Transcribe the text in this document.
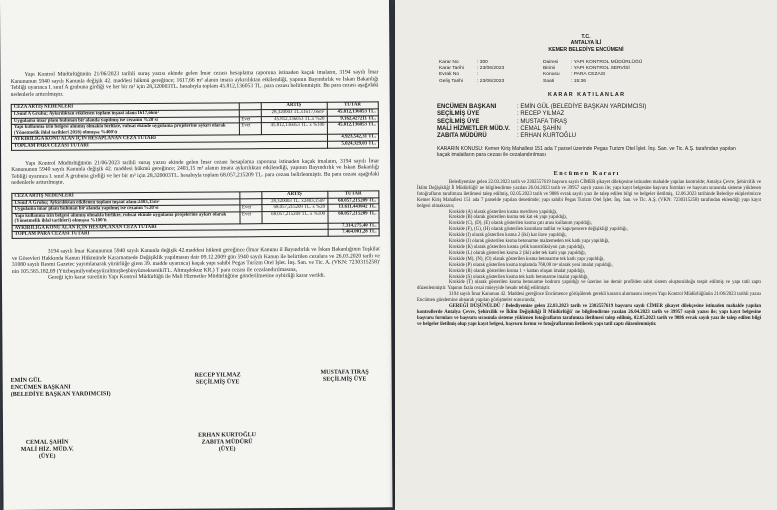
Yapı Kontrol Müdürlüğünün 21/06/2023 tarihli suruş yazısı ekinde gelen İmar cezası hesaplama raporuna istinaden kaçak imalatın, 3194 sayılı İmar Kanununun 5940 sayılı Kanunla değişik 42. maddesi hükmü gereğince; 1617,66 m² alanın imara aykırılıktan etkilendiği, yapının Bayındırlık ve İskan Bakanlığı Tebliği uyarınca I. sınıf A grubuna girdiği ve her bir m² için 28,320003TL. hesabıyla toplam 45.812,136053 TL. para cezası belirlenmiştir. Bu para cezası aşağıdaki nedenlerle arttırılmıştır.

CEZA ARTIŞ NEDENLERİ		ARTIŞ	TUTAR
I.Sınıf A Grubu; Aykırılıktan etkilenen toplam inşaat alanı:1617,66m²		28,320003 TL.x1617,66m²	45.812,136053 TL.
Uygulama imar planı bulunan bir alanda yapılmış ise cezanın %20'si	Evet	45.812,136053 TL.x %20	9.162,427211 TL.
Yapı kullanma izin belgesi alınmış olmakla birlikte, ruhsat ekinde uygulama projelerine aykırı olarak (Yönetmelik ihlal tarihleri 2018) olmuşsa %400'ü	Evet	45.812,136053 TL. x %100	45.812,136053 TL.
AYKIRILIĞA KONU ALAN İÇİN HESAPLANAN CEZA TUTARI			4.923,542,31 TL.
TOPLAM PARA CEZASI TUTARI			5.024,329,03 TL.

Yapı Kontrol Müdürlüğünün 21/06/2023 tarihli suruş yazısı ekinde gelen İmar cezası hesaplama raporuna istinaden kaçak imalatın, 3194 sayılı İmar Kanununun 5940 sayılı Kanunla değişik 42. maddesi hükmü gereğince; 2403,15 m² alanın imara aykırılıktan etkilendiği, yapının Bayındırlık ve İskan Bakanlığı Tebliği uyarınca I. sınıf A grubuna girdiği ve her bir m² için 28,320003TL. hesabıyla toplam 68.057,215209 TL. para cezası belirlenmiştir. Bu para cezası aşağıdaki nedenlerle arttırılmıştır.

CEZA ARTIŞ NEDENLERİ		ARTIŞ	TUTAR
I.Sınıf A Grubu; Aykırılıktan etkilenen toplam inşaat alanı:2403,15m²		28,320003 TL. x2403,15m²	68.057,215209 TL.
Uygulama imar planı bulunan bir alanda yapılmış ise cezanın %20'si	Evet	68.057,215209 TL. x %20	13.611,443042 TL.
Yapı kullanma izin belgesi alınmış olmakla birlikte, ruhsat ekinde uygulama projelerine aykırı olarak (Yönetmelik ihlal tarihleri) olmuşsa %100'ü	Evet	68.057,215209 TL. x %100	68.057,215209 TL.
AYKIRILIĞA KONU ALAN İÇİN HESAPLANAN CEZA TUTARI			7.314.275,40 TL.
TOPLAM PARA CEZASI TUTARI			7.464.001,28 TL.

3194 sayılı İmar Kanununun 5940 sayılı Kanunla değişik 42.maddesi hükmü gereğince (İmar Kanunu il Bayındırlık ve İskan Bakanlığının Teşkilat ve Görevleri Hakkında Kanun Hükmünde Kararnamede Değişiklik yapılmasın dair 09.12.2009 gün 5940 sayılı Kanun ile belirtilen cezalara ve 26.03.2020 tarih ve 31080 sayılı Resmi Gazetec yayımlanarak yürürlüğe giren 39. madde uyarınca) kaçak yapı sahibi Pegas Turizm Otel İşlet. İnş. San. ve Tic. A. (VKN: 7230315258)' nin 105.565.182,69 (YüzbeşmilyonbeşyüzaltmışbeşbinyüzseksenikiTL. Altmışdokuz KR.) T para cezası ile cezalandırılmasına,

Gereği için karar suretinin Yapı Kontrol Müdürlüğü ile Mali Hizmetler Müdürlüğüne gönderilmesine oybirliği karar verildi.

EMİN GÜL
ENCÜMEN BAŞKANI
(BELEDİYE BAŞKAN YARDIMCISI)
RECEP YILMAZ
SEÇİLMİŞ ÜYE
MUSTAFA TIRAŞ
SEÇİLMİŞ ÜYE
CEMAL ŞAHİN
MALİ HİZ. MÜD.V.
(ÜYE)
ERHAN KURTOĞLU
ZABITA MÜDÜRÜ
(ÜYE)
T.C.
ANTALYA İLİ
KEMER BELEDİYE ENCÜMENİ
Karar No	: 300
Karar Tarihi	: 23/06/2023
Evrak No	:
Geliş Tarihi	: 23/06/2023
Dairesi	: YAPI KONTROL MÜDÜRLÜĞÜ
Birimi	: YAPI KONTROL SERVİSİ
Konusu : PARA CEZASI
Saati	: 15:36
K A R A R   K A T I L A N L A R
ENCÜMEN BAŞKANI	: EMİN GÜL (BELEDİYE BAŞKAN YARDIMCISI)
SEÇİLMİŞ ÜYE	: RECEP YILMAZ
SEÇİLMİŞ ÜYE	: MUSTAFA TIRAŞ
MALİ HİZMETLER MÜD.V. : CEMAL ŞAHİN
ZABITA MÜDÜRÜ	: ERHAN KURTOĞLU
KARARIN KONUSU: Kemer Kiriş Mahallesi 151 ada 7 parsel üzerinde Pegas Turizm Otel İşlet. İnş. San. ve Tic. A.Ş. tarafından yapılan kaçak imalatların para cezası ile cezalandırılması
E n c ü m e n   K a r a r ı

Belediyemize gelen 22.03.2023 tarih ve 2302557619 başvuru sayılı CİMER şikayet dilekçesine istinaden mahalde yapılan kontrolde; Antalya Çevre, Şehircilik ve İklim Değişikliği İl Müdürlüğü' ne bilgilendirme yazılan 26.04.2023 tarih ve 39957 sayılı yazısı ile; yapı kayıt belgesine başvuru formları ve başvuru sırasında sisteme yüklenen fotoğrafların tarafımıza iletilmesi talep edilmiş, 02.05.2023 tarih ve 9886 evrak sayılı yazı ile talep edilen bilgi ve belgeler iletilmiş, 12.06.2023 tarihinde Belediye ekiplerimizce Kemer Kiriş Mahallesi 151 ada 7 parselde yapılan denetimde; yapı sahibi Pegas Turizm Otel İşlet. İnş. San. ve Tic. A.Ş. (VKN: 7230315258) tarafından eklendiği yapı kayıt belgesi olmaksızın;

Krokide (A) olarak gösterilen kısma merdiven yapıldığı,

Krokide (B) olarak gösterilen kısma tek kat ek yapı yapıldığı,

Krokide (C), (D), (E) olarak gösterilen kısma çatı arası kullanım yapıldığı,

Krokide (F), (G), (H) olarak gösterilen kısımlara tadilat ve kapı/pencere değişikliği yapıldığı,

Krokide (I) olarak gösterilen kısma 2 (iki) kat ilave yapıldığı,

Krokide (J) olarak gösterilen kısma betonarme malzemeden tek katlı yapı yapıldığı,

Krokide (K) olarak gösterilen kısma çelik konstrüksiyon çatı yapıldığı,

Krokide (L) olarak gösterilen kısma 2 (iki) adet tek katlı yapı yapıldığı,

Krokide (M), (N), (O) olarak gösterilen kısma betonarme tek katlı yapı yapıldığı,

Krokide (P) olarak gösterilen kısma toplamda 768,00 m² olarak yeni imalat yapıldığı,

Krokide (R) olarak gösterilen kısma 1 + kattan oluşan imalat yapıldığı,

Krokide (S) olarak gösterilen kısma tek katlı betonarme imalat yapıldığı,

Krokide (T) olarak gösterilen kısma betonarme bodrum yapıldığı ve üzerine ise demir profilden sabit sistem oluşturulduğu tespit edilmiş ve yapı tatil zaptı düzenlenmiştir. Yapının fazla cezai müeyyide hesabı tebliğ edilmiştir.

3194 sayılı İmar Kanunun 42. Maddesi gereğince Encümence görüşülerek gerekli kararın alınmasını isteyen Yapı Kontrol Müdürlüğünün 21/06/2023 tarihli yazısı Encümen gündemine alınarak yapılan görüşmeler sonucunda;

GEREĞİ DÜŞÜNÜLDÜ / Belediyemize gelen 22.03.2023 tarih ve 2302557619 başvuru sayılı CİMER şikayet dilekçesine istinaden mahalde yapılan kontrollerde Antalya Çevre, Şehircilik ve İklim Değişikliği İl Müdürlüğü' ne bilgilendirme yazılan 26.04.2023 tarih ve 39957 sayılı yazısı ile; yapı kayıt belgesine başvuru formları ve başvuru sırasında sisteme yüklenen fotoğrafların tarafımıza iletilmesi talep edilmiş, 02.05.2023 tarih ve 9886 evrak sayılı yazı ile talep edilen bilgi ve belgeler iletilmiş olup yapı kayıt belgesi, başvuru formu ve fotoğraflarının iletilerek yapı tatil zaptı düzenlenmiştir.
